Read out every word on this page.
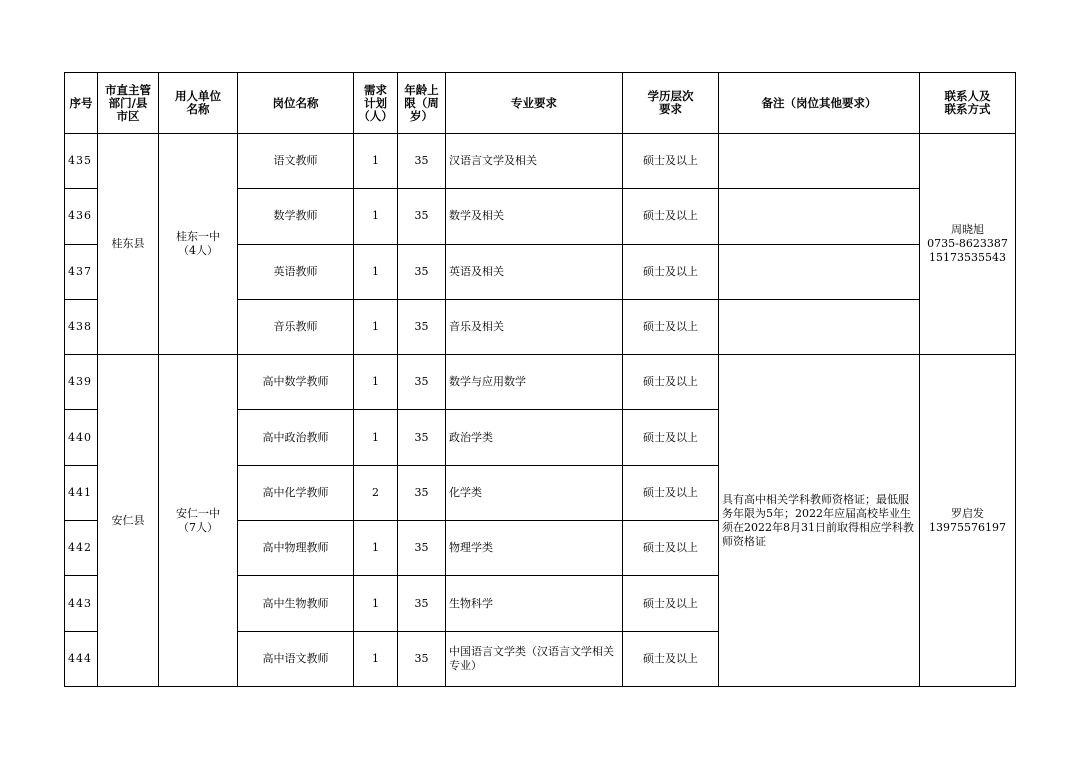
序号	市直主管
部门/县
市区	用人单位
名称	岗位名称	需求
计划
（人）	年龄上
限（周
岁）	专业要求	学历层次
要求	备注（岗位其他要求）	联系人及
联系方式
435	桂东县	桂东一中
（4人）	语文教师	1	35	汉语言文学及相关	硕士及以上		周晓旭
0735-8623387
15173535543
436			数学教师	1	35	数学及相关	硕士及以上		
437			英语教师	1	35	英语及相关	硕士及以上		
438			音乐教师	1	35	音乐及相关	硕士及以上		
439	安仁县	安仁一中
（7人）	高中数学教师	1	35	数学与应用数学	硕士及以上	具有高中相关学科教师资格证；最低服务年限为5年；2022年应届高校毕业生须在2022年8月31日前取得相应学科教师资格证	罗启发
13975576197
440			高中政治教师	1	35	政治学类	硕士及以上		
441			高中化学教师	2	35	化学类	硕士及以上		
442			高中物理教师	1	35	物理学类	硕士及以上		
443			高中生物教师	1	35	生物科学	硕士及以上		
444			高中语文教师	1	35	中国语言文学类（汉语言文学相关专业）	硕士及以上		
